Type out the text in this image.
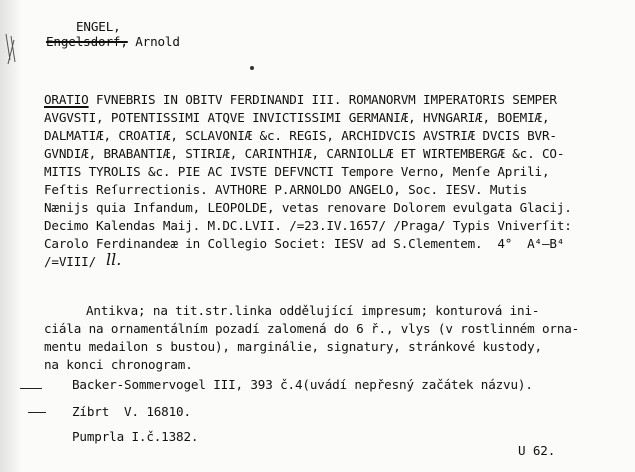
ENGEL,
Engelsdorf, Arnold
ORATIO FVNEBRIS IN OBITV FERDINANDI III. ROMANORVM IMPERATORIS SEMPER
AVGVSTI, POTENTISSIMI ATQVE INVICTISSIMI GERMANIÆ, HVNGARIÆ, BOEMIÆ,
DALMATIÆ, CROATIÆ, SCLAVONIÆ &c. REGIS, ARCHIDVCIS AVSTRIÆ DVCIS BVR-
GVNDIÆ, BRABANTIÆ, STIRIÆ, CARINTHIÆ, CARNIOLLÆ ET WIRTEMBERGÆ &c. CO-
MITIS TYROLIS &c. PIE AC IVSTE DEFVNCTI Tempore Verno, Menſe Aprili,
Feſtis Reſurrectionis. AVTHORE P.ARNOLDO ANGELO, Soc. IESV. Mutis
Nænijs quia Infandum, LEOPOLDE, vetas renovare Dolorem evulgata Glacij.
Decimo Kalendas Maij. M.DC.LVII. /=23.IV.1657/ /Praga/ Typis Vniverſit:
Carolo Ferdinandeæ in Collegio Societ: IESV ad S.Clementem.  4°  A⁴–B⁴
/=VIII/ ll.
Antikva; na tit.str.linka oddělující impresum; konturová ini-
ciála na ornamentálním pozadí zalomená do 6 ř., vlys (v rostlinném orna-
mentu medailon s bustou), marginálie, signatury, stránkové kustody,
na konci chronogram.
Backer-Sommervogel III, 393 č.4(uvádí nepřesný začátek názvu).
Zíbrt  V. 16810.
Pumprla I.č.1382.
U 62.
